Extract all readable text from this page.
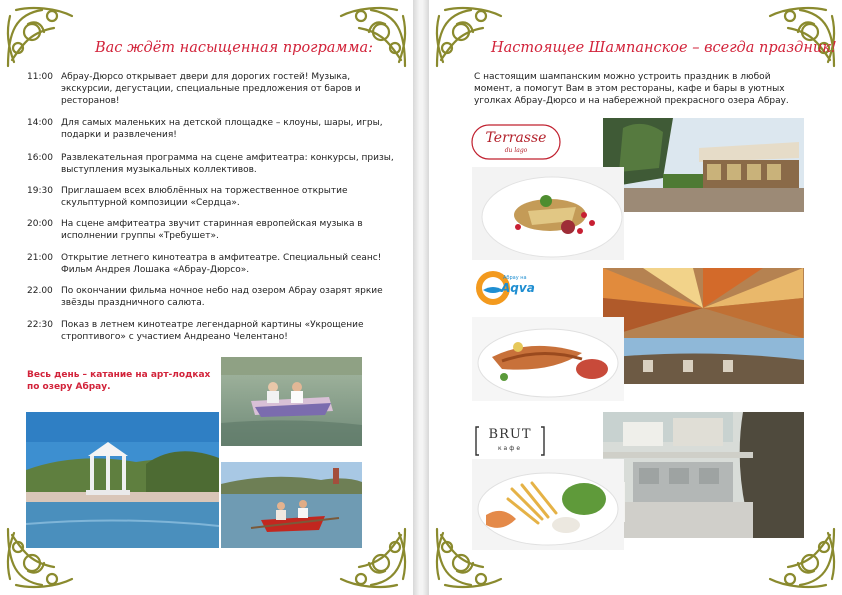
Вас ждёт насыщенная программа:
11:00 Абрау-Дюрсо открывает двери для дорогих гостей! Музыка, экскурсии, дегустации, специальные предложения от баров и ресторанов!
14:00 Для самых маленьких на детской площадке – клоуны, шары, игры, подарки и развлечения!
16:00 Развлекательная программа на сцене амфитеатра: конкурсы, призы, выступления музыкальных коллективов.
19:30 Приглашаем всех влюблённых на торжественное открытие скульптурной композиции «Сердца».
20:00 На сцене амфитеатра звучит старинная европейская музыка в исполнении группы «Требушет».
21:00 Открытие летнего кинотеатра в амфитеатре. Специальный сеанс! Фильм Андрея Лошака «Абрау-Дюрсо».
22.00 По окончании фильма ночное небо над озером Абрау озарят яркие звёзды праздничного салюта.
22:30 Показ в летнем кинотеатре легендарной картины «Укрощение строптивого» с участием Андреано Челентано!
Весь день – катание на арт-лодках по озеру Абрау.
Настоящее Шампанское – всегда праздник!
С настоящим шампанским можно устроить праздник в любой момент, а помогут Вам в этом рестораны, кафе и бары в уютных уголках Абрау-Дюрсо и на набережной прекрасного озера Абрау.
Terrasse
du lago
Aqva
Абрау на
BRUT
кафе
